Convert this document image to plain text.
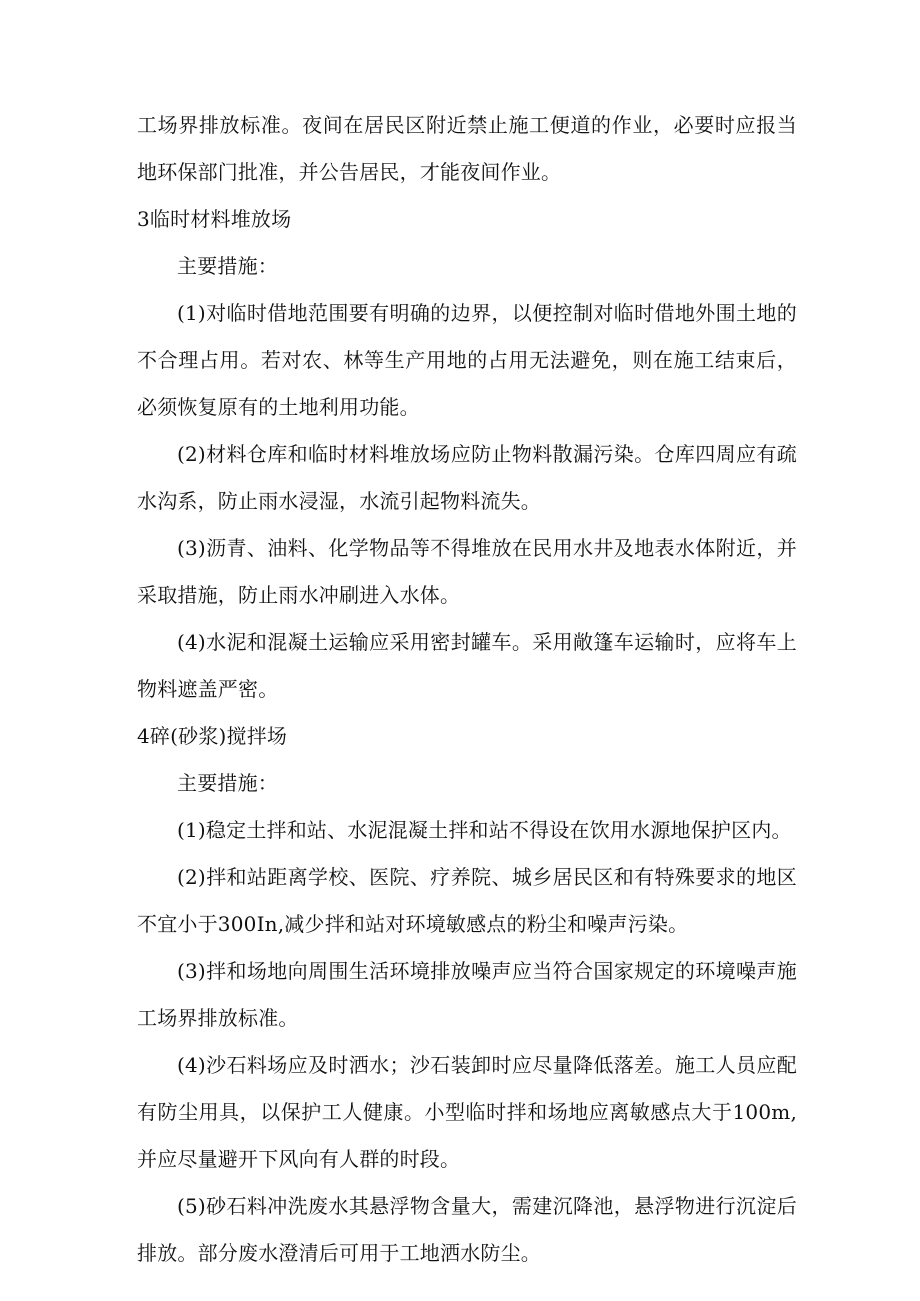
工场界排放标准。夜间在居民区附近禁止施工便道的作业，必要时应报当地环保部门批准，并公告居民，才能夜间作业。

3临时材料堆放场

主要措施：

(1)对临时借地范围要有明确的边界，以便控制对临时借地外围土地的不合理占用。若对农、林等生产用地的占用无法避免，则在施工结束后，必须恢复原有的土地利用功能。

(2)材料仓库和临时材料堆放场应防止物料散漏污染。仓库四周应有疏水沟系，防止雨水浸湿，水流引起物料流失。

(3)沥青、油料、化学物品等不得堆放在民用水井及地表水体附近，并采取措施，防止雨水冲刷进入水体。

(4)水泥和混凝土运输应采用密封罐车。采用敞篷车运输时，应将车上物料遮盖严密。

4碎(砂浆)搅拌场

主要措施：

(1)稳定土拌和站、水泥混凝土拌和站不得设在饮用水源地保护区内。

(2)拌和站距离学校、医院、疗养院、城乡居民区和有特殊要求的地区不宜小于300In,减少拌和站对环境敏感点的粉尘和噪声污染。

(3)拌和场地向周围生活环境排放噪声应当符合国家规定的环境噪声施工场界排放标准。

(4)沙石料场应及时洒水；沙石装卸时应尽量降低落差。施工人员应配有防尘用具，以保护工人健康。小型临时拌和场地应离敏感点大于100m,并应尽量避开下风向有人群的时段。

(5)砂石料冲洗废水其悬浮物含量大，需建沉降池，悬浮物进行沉淀后排放。部分废水澄清后可用于工地洒水防尘。
